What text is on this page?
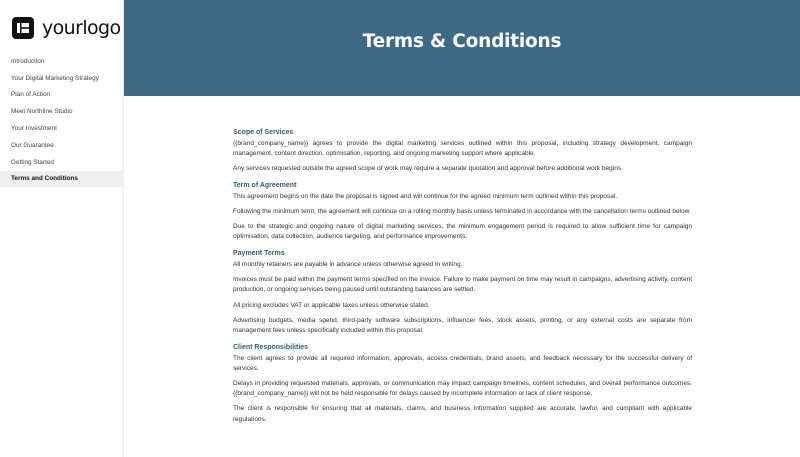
yourlogo
Introduction
Your Digital Marketing Strategy
Plan of Action
Meet Northline Studio
Your Investment
Our Guarantee
Getting Started
Terms and Conditions
Terms & Conditions
Scope of Services

{{brand_company_name}} agrees to provide the digital marketing services outlined within this proposal, including strategy development, campaign management, content direction, optimisation, reporting, and ongoing marketing support where applicable.

Any services requested outside the agreed scope of work may require a separate quotation and approval before additional work begins.

Term of Agreement

This agreement begins on the date the proposal is signed and will continue for the agreed minimum term outlined within this proposal.

Following the minimum term, the agreement will continue on a rolling monthly basis unless terminated in accordance with the cancellation terms outlined below.

Due to the strategic and ongoing nature of digital marketing services, the minimum engagement period is required to allow sufficient time for campaign optimisation, data collection, audience targeting, and performance improvements.

Payment Terms

All monthly retainers are payable in advance unless otherwise agreed in writing.

Invoices must be paid within the payment terms specified on the invoice. Failure to make payment on time may result in campaigns, advertising activity, content production, or ongoing services being paused until outstanding balances are settled.

All pricing excludes VAT or applicable taxes unless otherwise stated.

Advertising budgets, media spend, third-party software subscriptions, influencer fees, stock assets, printing, or any external costs are separate from management fees unless specifically included within this proposal.

Client Responsibilities

The client agrees to provide all required information, approvals, access credentials, brand assets, and feedback necessary for the successful delivery of services.

Delays in providing requested materials, approvals, or communication may impact campaign timelines, content schedules, and overall performance outcomes. {{brand_company_name}} will not be held responsible for delays caused by incomplete information or lack of client response.

The client is responsible for ensuring that all materials, claims, and business information supplied are accurate, lawful, and compliant with applicable regulations.
